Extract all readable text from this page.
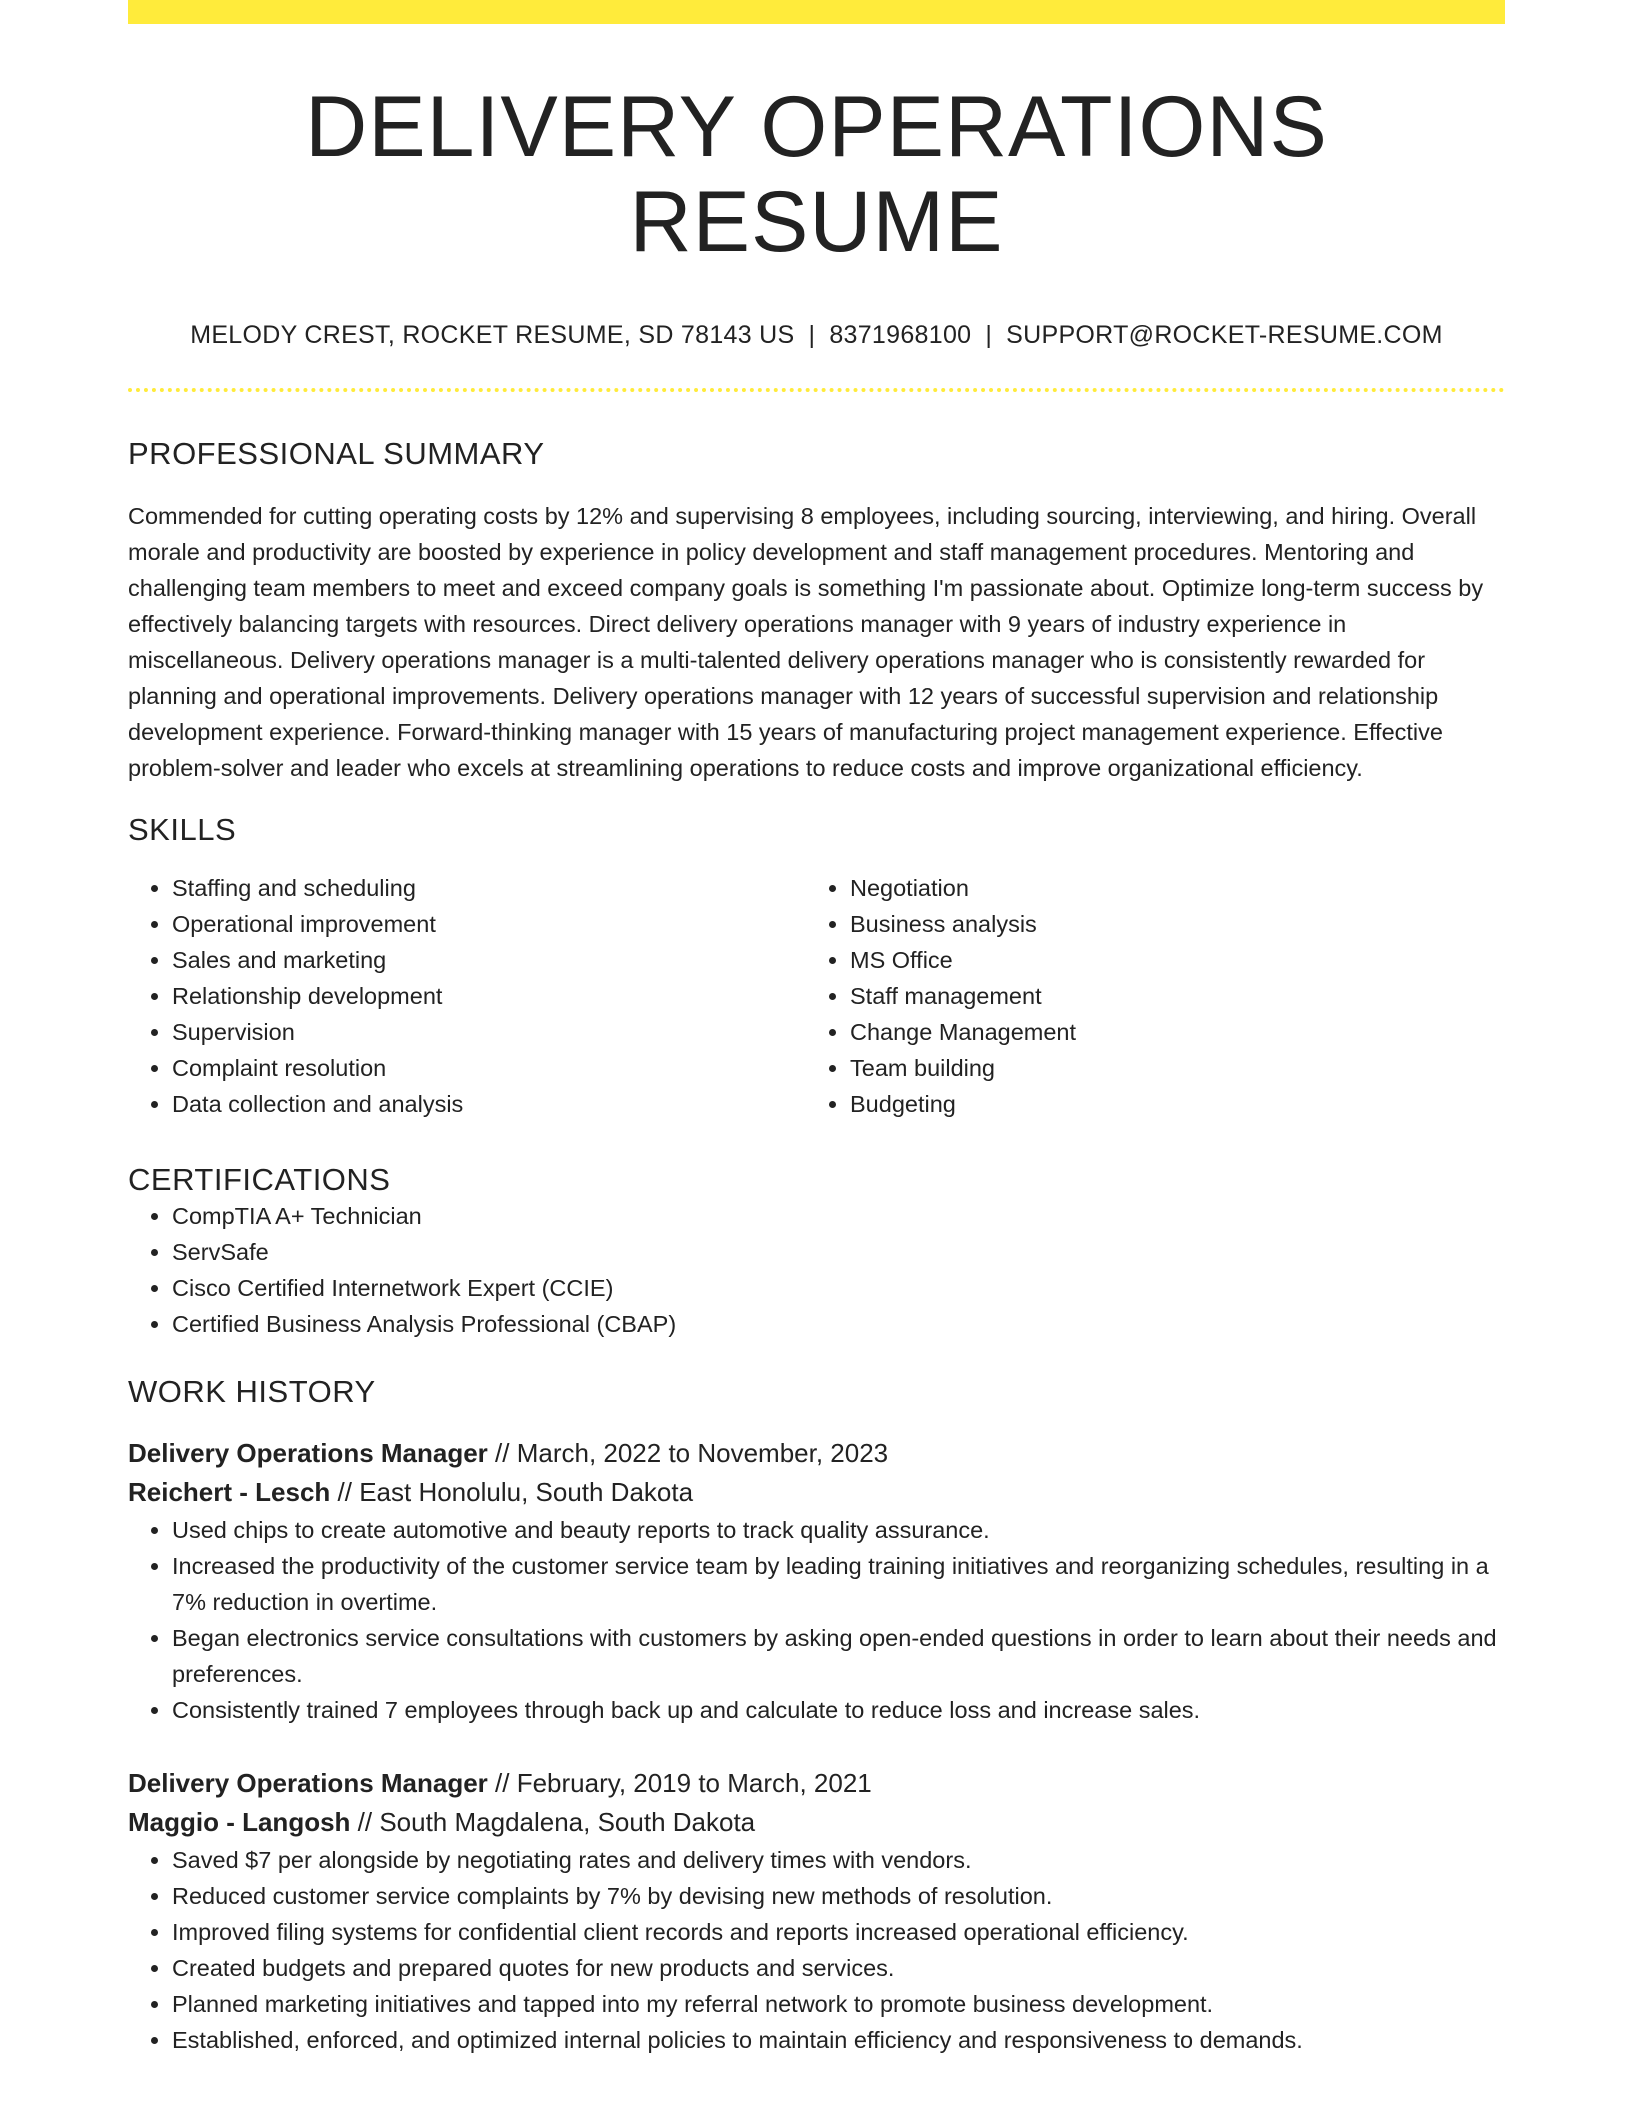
DELIVERY OPERATIONS RESUME
MELODY CREST, ROCKET RESUME, SD 78143 US | 8371968100 | SUPPORT@ROCKET-RESUME.COM
PROFESSIONAL SUMMARY

Commended for cutting operating costs by 12% and supervising 8 employees, including sourcing, interviewing, and hiring. Overall morale and productivity are boosted by experience in policy development and staff management procedures. Mentoring and challenging team members to meet and exceed company goals is something I'm passionate about. Optimize long-term success by effectively balancing targets with resources. Direct delivery operations manager with 9 years of industry experience in miscellaneous. Delivery operations manager is a multi-talented delivery operations manager who is consistently rewarded for planning and operational improvements. Delivery operations manager with 12 years of successful supervision and relationship development experience. Forward-thinking manager with 15 years of manufacturing project management experience. Effective problem-solver and leader who excels at streamlining operations to reduce costs and improve organizational efficiency.

SKILLS
• Staffing and scheduling
• Operational improvement
• Sales and marketing
• Relationship development
• Supervision
• Complaint resolution
• Data collection and analysis
• Negotiation
• Business analysis
• MS Office
• Staff management
• Change Management
• Team building
• Budgeting
CERTIFICATIONS
• CompTIA A+ Technician
• ServSafe
• Cisco Certified Internetwork Expert (CCIE)
• Certified Business Analysis Professional (CBAP)
WORK HISTORY
Delivery Operations Manager // March, 2022 to November, 2023
Reichert - Lesch // East Honolulu, South Dakota
• Used chips to create automotive and beauty reports to track quality assurance.
• Increased the productivity of the customer service team by leading training initiatives and reorganizing schedules, resulting in a 7% reduction in overtime.
• Began electronics service consultations with customers by asking open-ended questions in order to learn about their needs and preferences.
• Consistently trained 7 employees through back up and calculate to reduce loss and increase sales.
Delivery Operations Manager // February, 2019 to March, 2021
Maggio - Langosh // South Magdalena, South Dakota
• Saved $7 per alongside by negotiating rates and delivery times with vendors.
• Reduced customer service complaints by 7% by devising new methods of resolution.
• Improved filing systems for confidential client records and reports increased operational efficiency.
• Created budgets and prepared quotes for new products and services.
• Planned marketing initiatives and tapped into my referral network to promote business development.
• Established, enforced, and optimized internal policies to maintain efficiency and responsiveness to demands.
